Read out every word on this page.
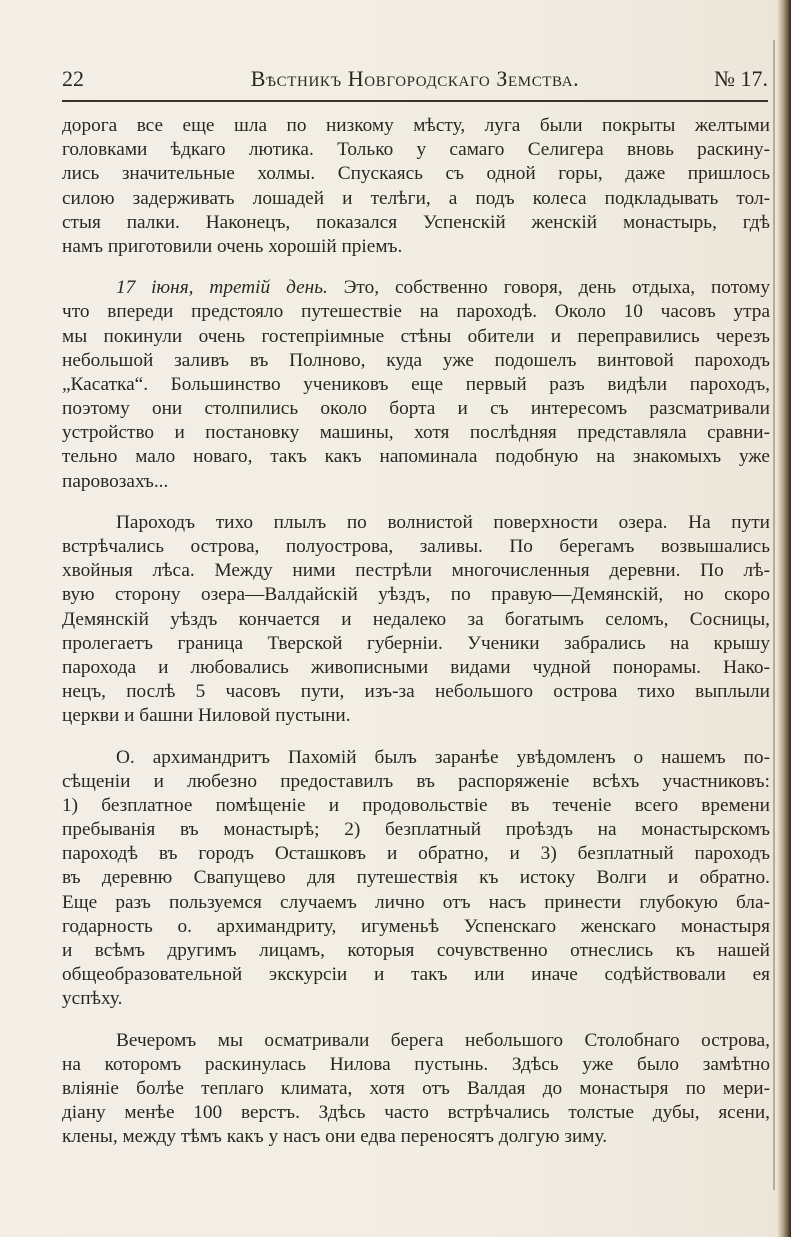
22	Вѣстникъ Новгородскаго Земства.	№ 17.
дорога все еще шла по низкому мѣсту, луга были покрыты желтыми
головками ѣдкаго лютика. Только у самаго Селигера вновь раскину-
лись значительные холмы. Спускаясь съ одной горы, даже пришлось
силою задерживать лошадей и телѣги, а подъ колеса подкладывать тол-
стыя палки. Наконецъ, показался Успенскій женскій монастырь, гдѣ
намъ приготовили очень хорошій пріемъ.
17 іюня, третій день. Это, собственно говоря, день отдыха, потому
что впереди предстояло путешествіе на пароходѣ. Около 10 часовъ утра
мы покинули очень гостепріимные стѣны обители и переправились черезъ
небольшой заливъ въ Полново, куда уже подошелъ винтовой пароходъ
„Касатка“. Большинство учениковъ еще первый разъ видѣли пароходъ,
поэтому они столпились около борта и съ интересомъ разсматривали
устройство и постановку машины, хотя послѣдняя представляла сравни-
тельно мало новаго, такъ какъ напоминала подобную на знакомыхъ уже
паровозахъ...
Пароходъ тихо плылъ по волнистой поверхности озера. На пути
встрѣчались острова, полуострова, заливы. По берегамъ возвышались
хвойныя лѣса. Между ними пестрѣли многочисленныя деревни. По лѣ-
вую сторону озера—Валдайскій уѣздъ, по правую—Демянскій, но скоро
Демянскій уѣздъ кончается и недалеко за богатымъ селомъ, Сосницы,
пролегаетъ граница Тверской губерніи. Ученики забрались на крышу
парохода и любовались живописными видами чудной понорамы. Нако-
нецъ, послѣ 5 часовъ пути, изъ-за небольшого острова тихо выплыли
церкви и башни Ниловой пустыни.
О. архимандритъ Пахомій былъ заранѣе увѣдомленъ о нашемъ по-
сѣщеніи и любезно предоставилъ въ распоряженіе всѣхъ участниковъ:
1) безплатное помѣщеніе и продовольствіе въ теченіе всего времени
пребыванія въ монастырѣ; 2) безплатный проѣздъ на монастырскомъ
пароходѣ въ городъ Осташковъ и обратно, и 3) безплатный пароходъ
въ деревню Свапущево для путешествія къ истоку Волги и обратно.
Еще разъ пользуемся случаемъ лично отъ насъ принести глубокую бла-
годарность о. архимандриту, игуменьѣ Успенскаго женскаго монастыря
и всѣмъ другимъ лицамъ, которыя сочувственно отнеслись къ нашей
общеобразовательной экскурсіи и такъ или иначе содѣйствовали ея
успѣху.
Вечеромъ мы осматривали берега небольшого Столобнаго острова,
на которомъ раскинулась Нилова пустынь. Здѣсь уже было замѣтно
вліяніе болѣе теплаго климата, хотя отъ Валдая до монастыря по мери-
діану менѣе 100 верстъ. Здѣсь часто встрѣчались толстые дубы, ясени,
клены, между тѣмъ какъ у насъ они едва переносятъ долгую зиму.
